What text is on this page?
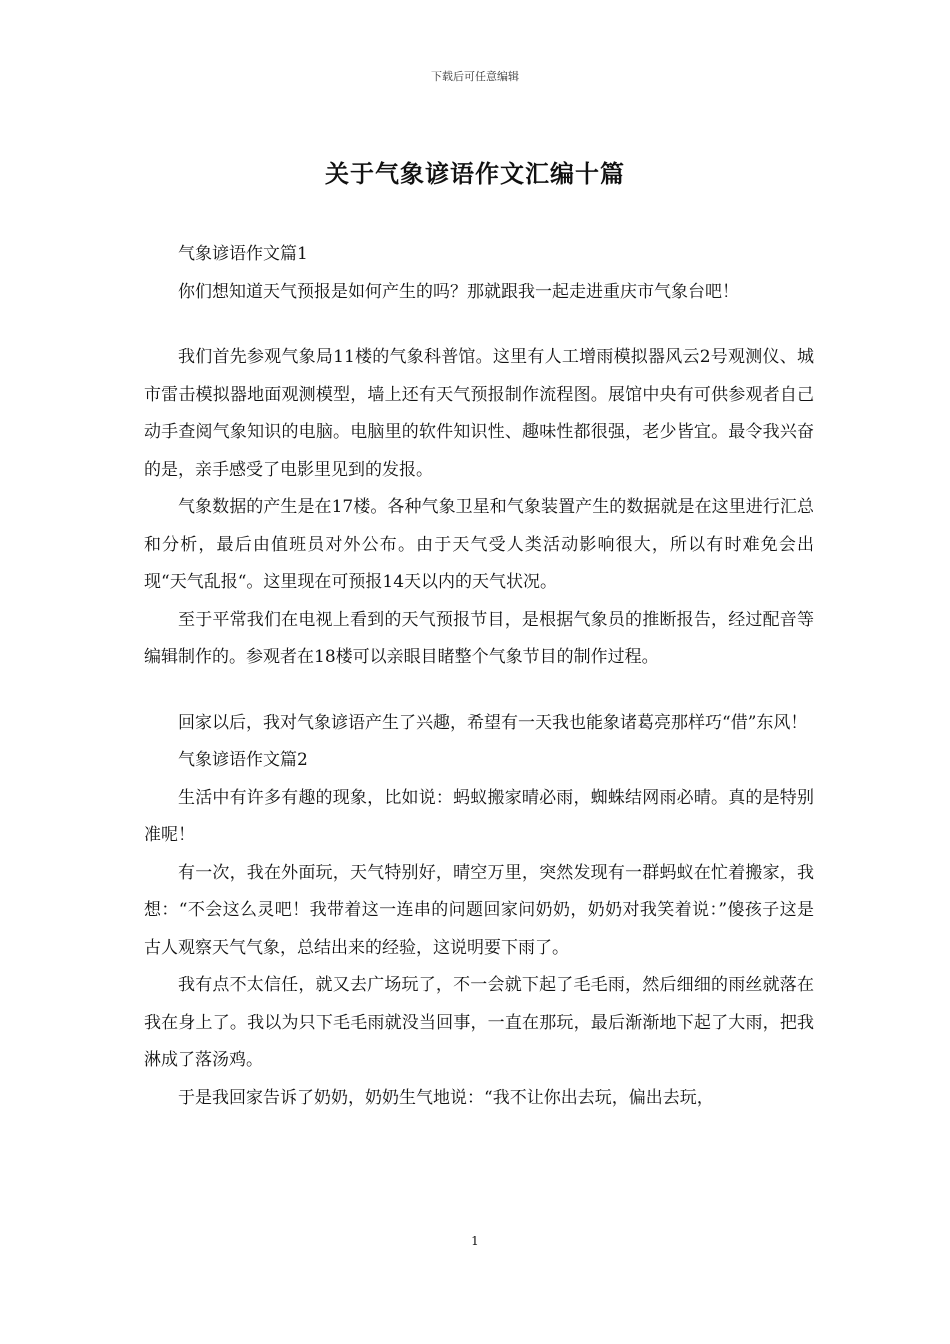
下载后可任意编辑
关于气象谚语作文汇编十篇

气象谚语作文篇1

你们想知道天气预报是如何产生的吗？那就跟我一起走进重庆市气象台吧！

我们首先参观气象局11楼的气象科普馆。这里有人工增雨模拟器风云2号观测仪、城市雷击模拟器地面观测模型，墙上还有天气预报制作流程图。展馆中央有可供参观者自己动手查阅气象知识的电脑。电脑里的软件知识性、趣味性都很强，老少皆宜。最令我兴奋的是，亲手感受了电影里见到的发报。

气象数据的产生是在17楼。各种气象卫星和气象装置产生的数据就是在这里进行汇总和分析，最后由值班员对外公布。由于天气受人类活动影响很大，所以有时难免会出现“天气乱报“。这里现在可预报14天以内的天气状况。

至于平常我们在电视上看到的天气预报节目，是根据气象员的推断报告，经过配音等编辑制作的。参观者在18楼可以亲眼目睹整个气象节目的制作过程。

回家以后，我对气象谚语产生了兴趣，希望有一天我也能象诸葛亮那样巧“借”东风！

气象谚语作文篇2

生活中有许多有趣的现象，比如说：蚂蚁搬家晴必雨，蜘蛛结网雨必晴。真的是特别准呢！

有一次，我在外面玩，天气特别好，晴空万里，突然发现有一群蚂蚁在忙着搬家，我想：“不会这么灵吧！我带着这一连串的问题回家问奶奶，奶奶对我笑着说：”傻孩子这是古人观察天气气象，总结出来的经验，这说明要下雨了。

我有点不太信任，就又去广场玩了，不一会就下起了毛毛雨，然后细细的雨丝就落在我在身上了。我以为只下毛毛雨就没当回事，一直在那玩，最后渐渐地下起了大雨，把我淋成了落汤鸡。

于是我回家告诉了奶奶，奶奶生气地说：“我不让你出去玩，偏出去玩，

1
